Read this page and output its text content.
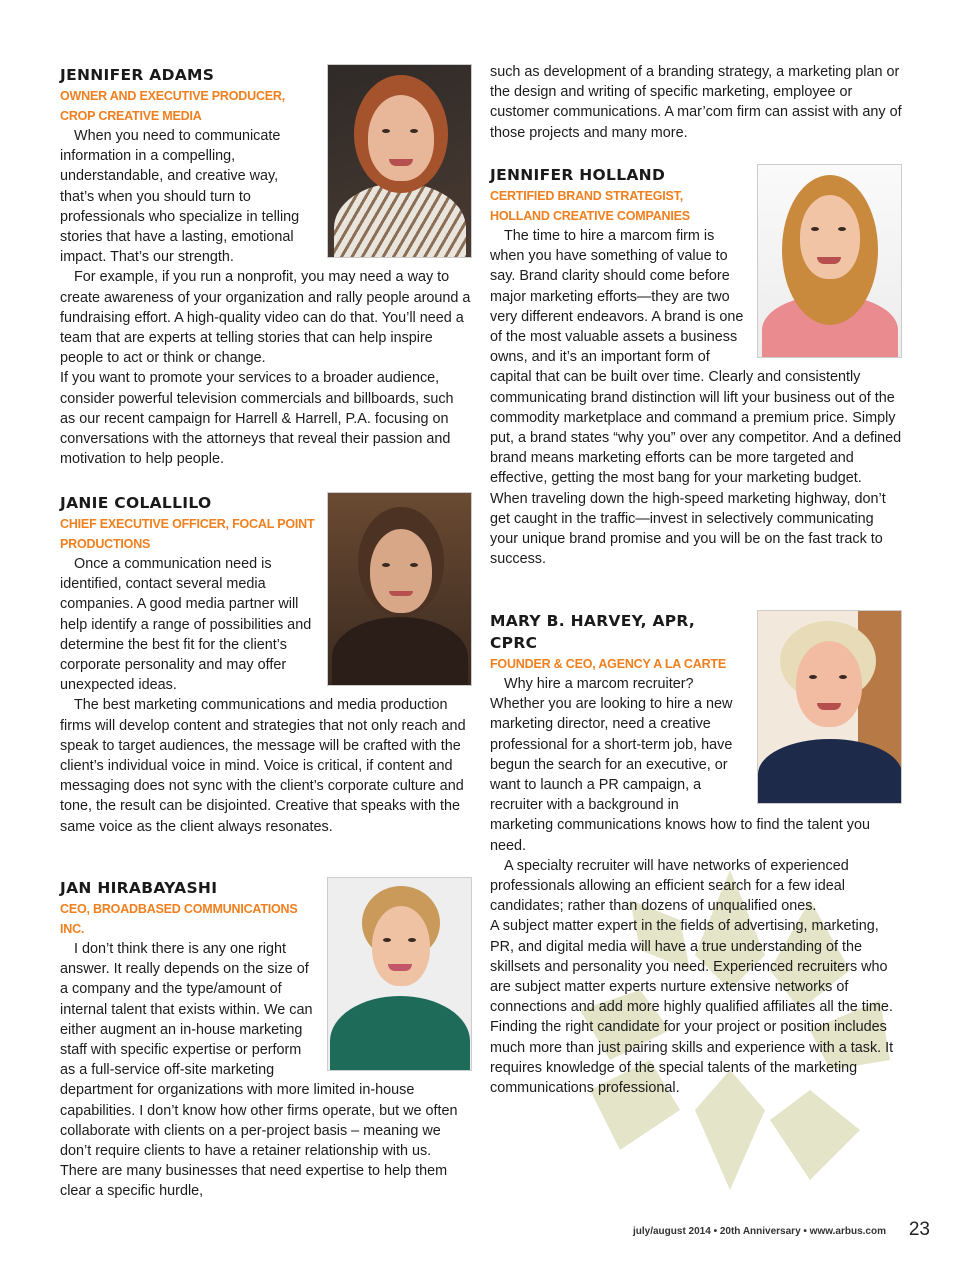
JENNIFER ADAMS

OWNER AND EXECUTIVE PRODUCER,

CROP CREATIVE MEDIA

When you need to communicate information in a compelling, understandable, and creative way, that’s when you should turn to professionals who specialize in telling stories that have a lasting, emotional impact. That’s our strength.

For example, if you run a nonprofit, you may need a way to create awareness of your organization and rally people around a fundraising effort. A high-quality video can do that. You’ll need a team that are experts at telling stories that can help inspire people to act or think or change.

If you want to promote your services to a broader audience, consider powerful television commercials and billboards, such as our recent campaign for Harrell & Harrell, P.A. focusing on conversations with the attorneys that reveal their passion and motivation to help people.

JANIE COLALLILO

CHIEF EXECUTIVE OFFICER, FOCAL POINT

PRODUCTIONS

Once a communication need is identified, contact several media companies. A good media partner will help identify a range of possibilities and determine the best fit for the client’s corporate personality and may offer unexpected ideas.

The best marketing communications and media production firms will develop content and strategies that not only reach and speak to target audiences, the message will be crafted with the client’s individual voice in mind. Voice is critical, if content and messaging does not sync with the client’s corporate culture and tone, the result can be disjointed. Creative that speaks with the same voice as the client always resonates.

JAN HIRABAYASHI

CEO, BROADBASED COMMUNICATIONS

INC.

I don’t think there is any one right answer. It really depends on the size of a company and the type/amount of internal talent that exists within. We can either augment an in-house marketing staff with specific expertise or perform as a full-service off-site marketing department for organizations with more limited in-house capabilities. I don’t know how other firms operate, but we often collaborate with clients on a per-project basis – meaning we don’t require clients to have a retainer relationship with us. There are many businesses that need expertise to help them clear a specific hurdle,

such as development of a branding strategy, a marketing plan or the design and writing of specific marketing, employee or customer communications. A mar’com firm can assist with any of those projects and many more.

JENNIFER HOLLAND

CERTIFIED BRAND STRATEGIST,

HOLLAND CREATIVE COMPANIES

The time to hire a marcom firm is when you have something of value to say. Brand clarity should come before major marketing efforts—they are two very different endeavors. A brand is one of the most valuable assets a business owns, and it’s an important form of capital that can be built over time. Clearly and consistently communicating brand distinction will lift your business out of the commodity marketplace and command a premium price. Simply put, a brand states “why you” over any competitor. And a defined brand means marketing efforts can be more targeted and effective, getting the most bang for your marketing budget. When traveling down the high-speed marketing highway, don’t get caught in the traffic—invest in selectively communicating your unique brand promise and you will be on the fast track to success.

MARY B. HARVEY, APR, CPRC

FOUNDER & CEO, AGENCY A LA CARTE

Why hire a marcom recruiter? Whether you are looking to hire a new marketing director, need a creative professional for a short-term job, have begun the search for an executive, or want to launch a PR campaign, a recruiter with a background in marketing communications knows how to find the talent you need.

A specialty recruiter will have networks of experienced professionals allowing an efficient search for a few ideal candidates; rather than dozens of unqualified ones.

A subject matter expert in the fields of advertising, marketing, PR, and digital media will have a true understanding of the skillsets and personality you need. Experienced recruiters who are subject matter experts nurture extensive networks of connections and add more highly qualified affiliates all the time. Finding the right candidate for your project or position includes much more than just pairing skills and experience with a task. It requires knowledge of the special talents of the marketing communications professional.

july/august 2014 • 20th Anniversary • www.arbus.com 23
